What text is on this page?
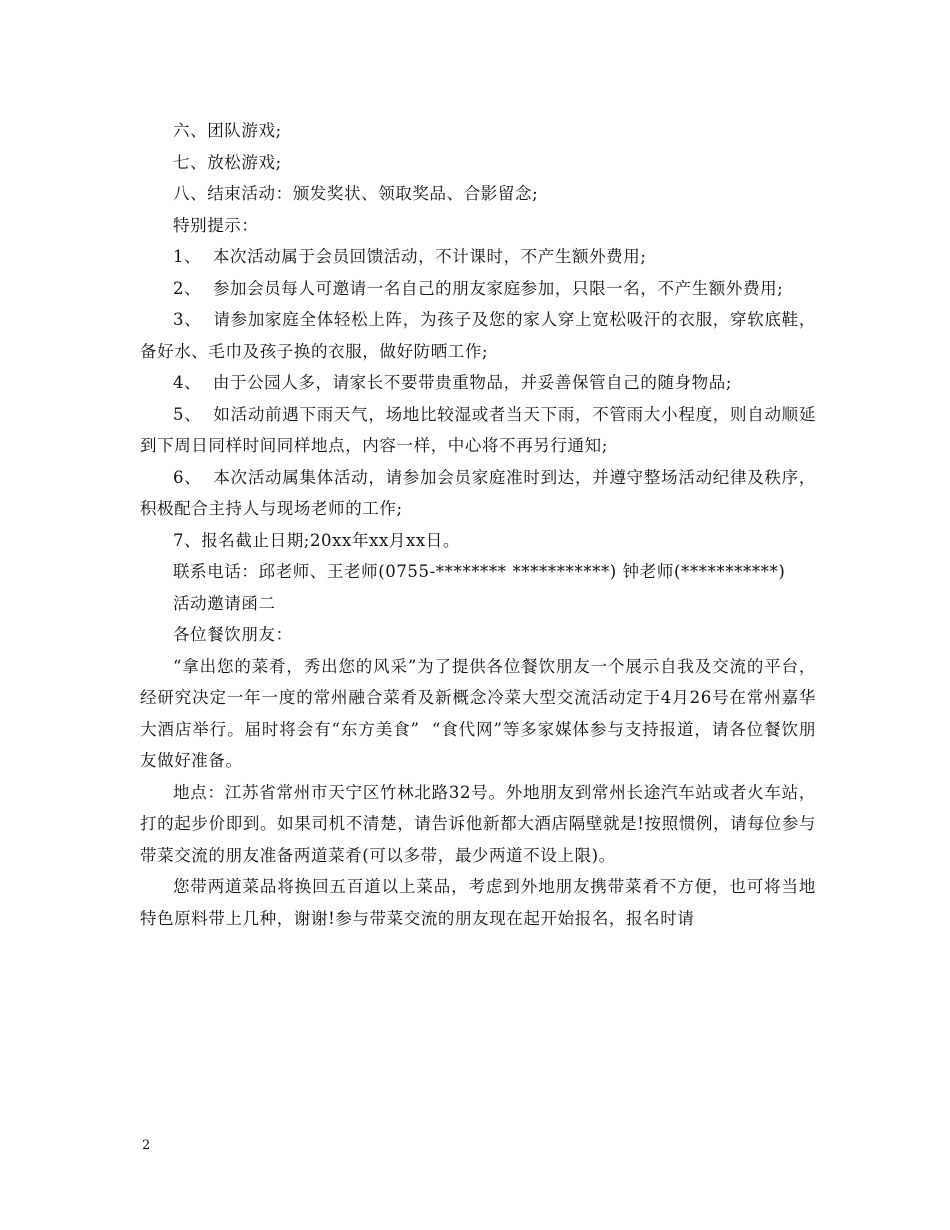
六、团队游戏;

七、放松游戏;

八、结束活动：颁发奖状、领取奖品、合影留念;

特别提示：

1、  本次活动属于会员回馈活动，不计课时，不产生额外费用;

2、  参加会员每人可邀请一名自己的朋友家庭参加，只限一名，不产生额外费用;

3、  请参加家庭全体轻松上阵，为孩子及您的家人穿上宽松吸汗的衣服，穿软底鞋，备好水、毛巾及孩子换的衣服，做好防晒工作;

4、  由于公园人多，请家长不要带贵重物品，并妥善保管自己的随身物品;

5、  如活动前遇下雨天气，场地比较湿或者当天下雨，不管雨大小程度，则自动顺延到下周日同样时间同样地点，内容一样，中心将不再另行通知;

6、  本次活动属集体活动，请参加会员家庭准时到达，并遵守整场活动纪律及秩序，积极配合主持人与现场老师的工作;

7、报名截止日期;20xx年xx月xx日。

联系电话：邱老师、王老师(0755-******** ***********) 钟老师(***********)

活动邀请函二

各位餐饮朋友：

“拿出您的菜肴，秀出您的风采”为了提供各位餐饮朋友一个展示自我及交流的平台，经研究决定一年一度的常州融合菜肴及新概念冷菜大型交流活动定于4月26号在常州嘉华大酒店举行。届时将会有“东方美食”  “食代网”等多家媒体参与支持报道，请各位餐饮朋友做好准备。

地点：江苏省常州市天宁区竹林北路32号。外地朋友到常州长途汽车站或者火车站，打的起步价即到。如果司机不清楚，请告诉他新都大酒店隔壁就是!按照惯例，请每位参与带菜交流的朋友准备两道菜肴(可以多带，最少两道不设上限)。

您带两道菜品将换回五百道以上菜品，考虑到外地朋友携带菜肴不方便，也可将当地特色原料带上几种，谢谢!参与带菜交流的朋友现在起开始报名，报名时请

2
